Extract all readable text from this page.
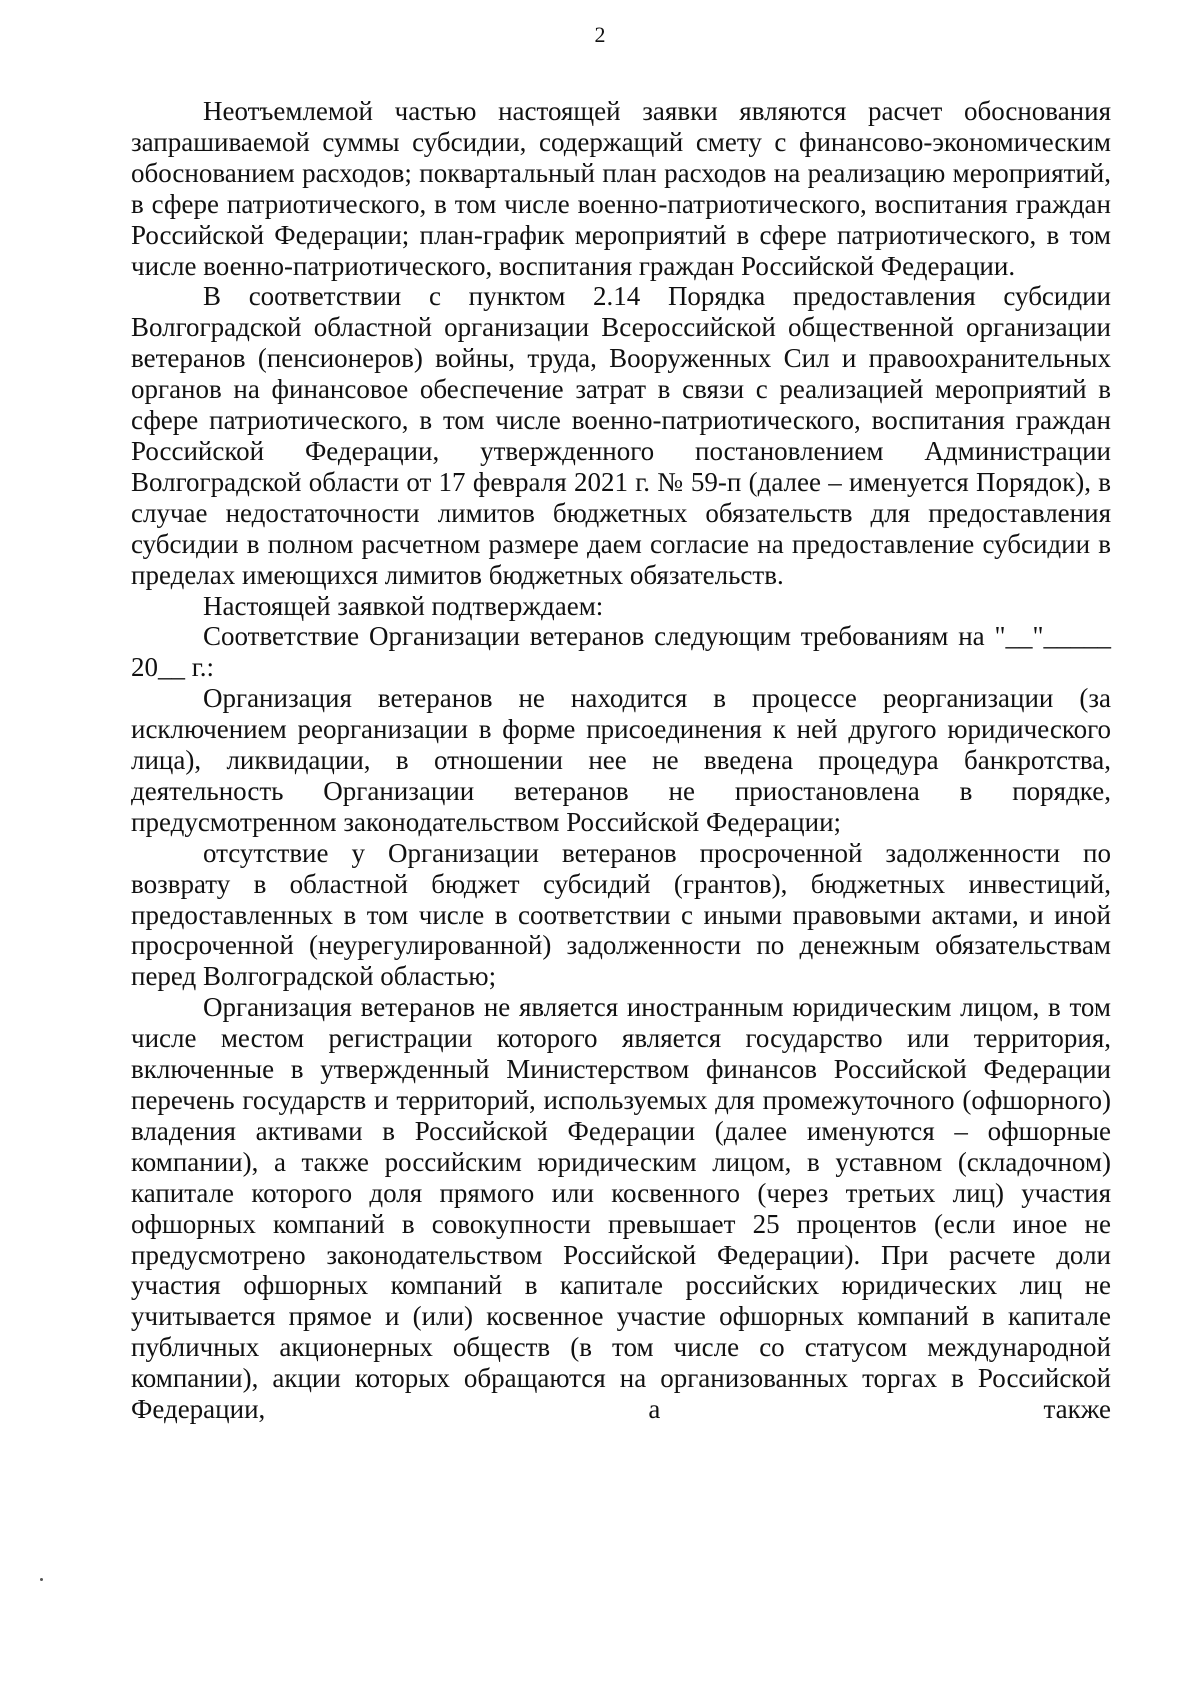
2

Неотъемлемой частью настоящей заявки являются расчет обоснования запрашиваемой суммы субсидии, содержащий смету с финансово-экономическим обоснованием расходов; поквартальный план расходов на реализацию мероприятий, в сфере патриотического, в том числе военно-патриотического, воспитания граждан Российской Федерации; план-график мероприятий в сфере патриотического, в том числе военно-патриотического, воспитания граждан Российской Федерации.

В соответствии с пунктом 2.14 Порядка предоставления субсидии Волгоградской областной организации Всероссийской общественной организации ветеранов (пенсионеров) войны, труда, Вооруженных Сил и правоохранительных органов на финансовое обеспечение затрат в связи с реализацией мероприятий в сфере патриотического, в том числе военно-патриотического, воспитания граждан Российской Федерации, утвержденного постановлением Администрации Волгоградской области от 17 февраля 2021 г. № 59-п (далее – именуется Порядок), в случае недостаточности лимитов бюджетных обязательств для предоставления субсидии в полном расчетном размере даем согласие на предоставление субсидии в пределах имеющихся лимитов бюджетных обязательств.

Настоящей заявкой подтверждаем:

Соответствие Организации ветеранов следующим требованиям на "__"_____ 20__ г.:

Организация ветеранов не находится в процессе реорганизации (за исключением реорганизации в форме присоединения к ней другого юридического лица), ликвидации, в отношении нее не введена процедура банкротства, деятельность Организации ветеранов не приостановлена в порядке, предусмотренном законодательством Российской Федерации;

отсутствие у Организации ветеранов просроченной задолженности по возврату в областной бюджет субсидий (грантов), бюджетных инвестиций, предоставленных в том числе в соответствии с иными правовыми актами, и иной просроченной (неурегулированной) задолженности по денежным обязательствам перед Волгоградской областью;

Организация ветеранов не является иностранным юридическим лицом, в том числе местом регистрации которого является государство или территория, включенные в утвержденный Министерством финансов Российской Федерации перечень государств и территорий, используемых для промежуточного (офшорного) владения активами в Российской Федерации (далее именуются – офшорные компании), а также российским юридическим лицом, в уставном (складочном) капитале которого доля прямого или косвенного (через третьих лиц) участия офшорных компаний в совокупности превышает 25 процентов (если иное не предусмотрено законодательством Российской Федерации). При расчете доли участия офшорных компаний в капитале российских юридических лиц не учитывается прямое и (или) косвенное участие офшорных компаний в капитале публичных акционерных обществ (в том числе со статусом международной компании), акции которых обращаются на организованных торгах в Российской Федерации, а также
